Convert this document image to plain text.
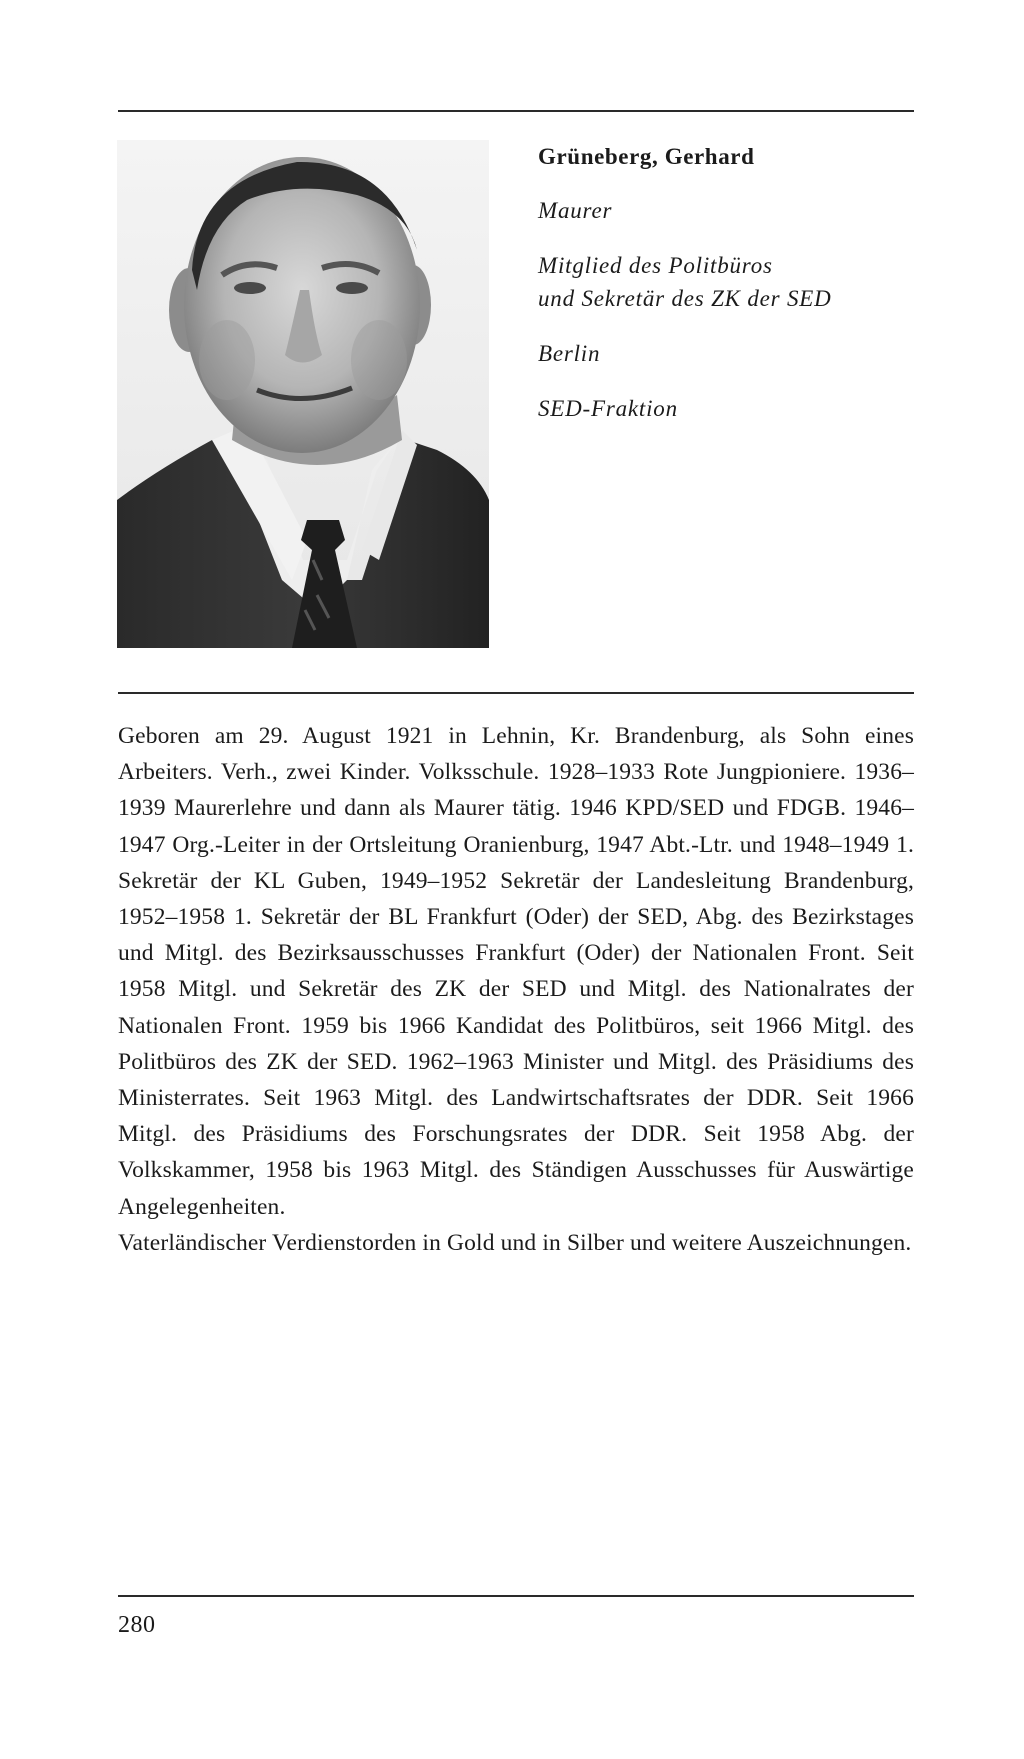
Grüneberg, Gerhard
Maurer
Mitglied des Politbüros
und Sekretär des ZK der SED
Berlin
SED-Fraktion

Geboren am 29. August 1921 in Lehnin, Kr. Brandenburg, als Sohn eines Arbeiters. Verh., zwei Kinder. Volksschule. 1928–1933 Rote Jungpioniere. 1936–1939 Maurerlehre und dann als Maurer tätig. 1946 KPD/SED und FDGB. 1946–1947 Org.-Leiter in der Ortsleitung Oranienburg, 1947 Abt.-Ltr. und 1948–1949 1. Sekretär der KL Guben, 1949–1952 Sekretär der Landesleitung Brandenburg, 1952–1958 1. Sekretär der BL Frankfurt (Oder) der SED, Abg. des Bezirkstages und Mitgl. des Bezirksausschusses Frankfurt (Oder) der Nationalen Front. Seit 1958 Mitgl. und Sekretär des ZK der SED und Mitgl. des Nationalrates der Nationalen Front. 1959 bis 1966 Kandidat des Politbüros, seit 1966 Mitgl. des Politbüros des ZK der SED. 1962–1963 Minister und Mitgl. des Präsidiums des Ministerrates. Seit 1963 Mitgl. des Landwirtschaftsrates der DDR. Seit 1966 Mitgl. des Präsidiums des Forschungsrates der DDR. Seit 1958 Abg. der Volkskammer, 1958 bis 1963 Mitgl. des Ständigen Ausschusses für Auswärtige Angelegenheiten.

Vaterländischer Verdienstorden in Gold und in Silber und weitere Auszeichnungen.

280
